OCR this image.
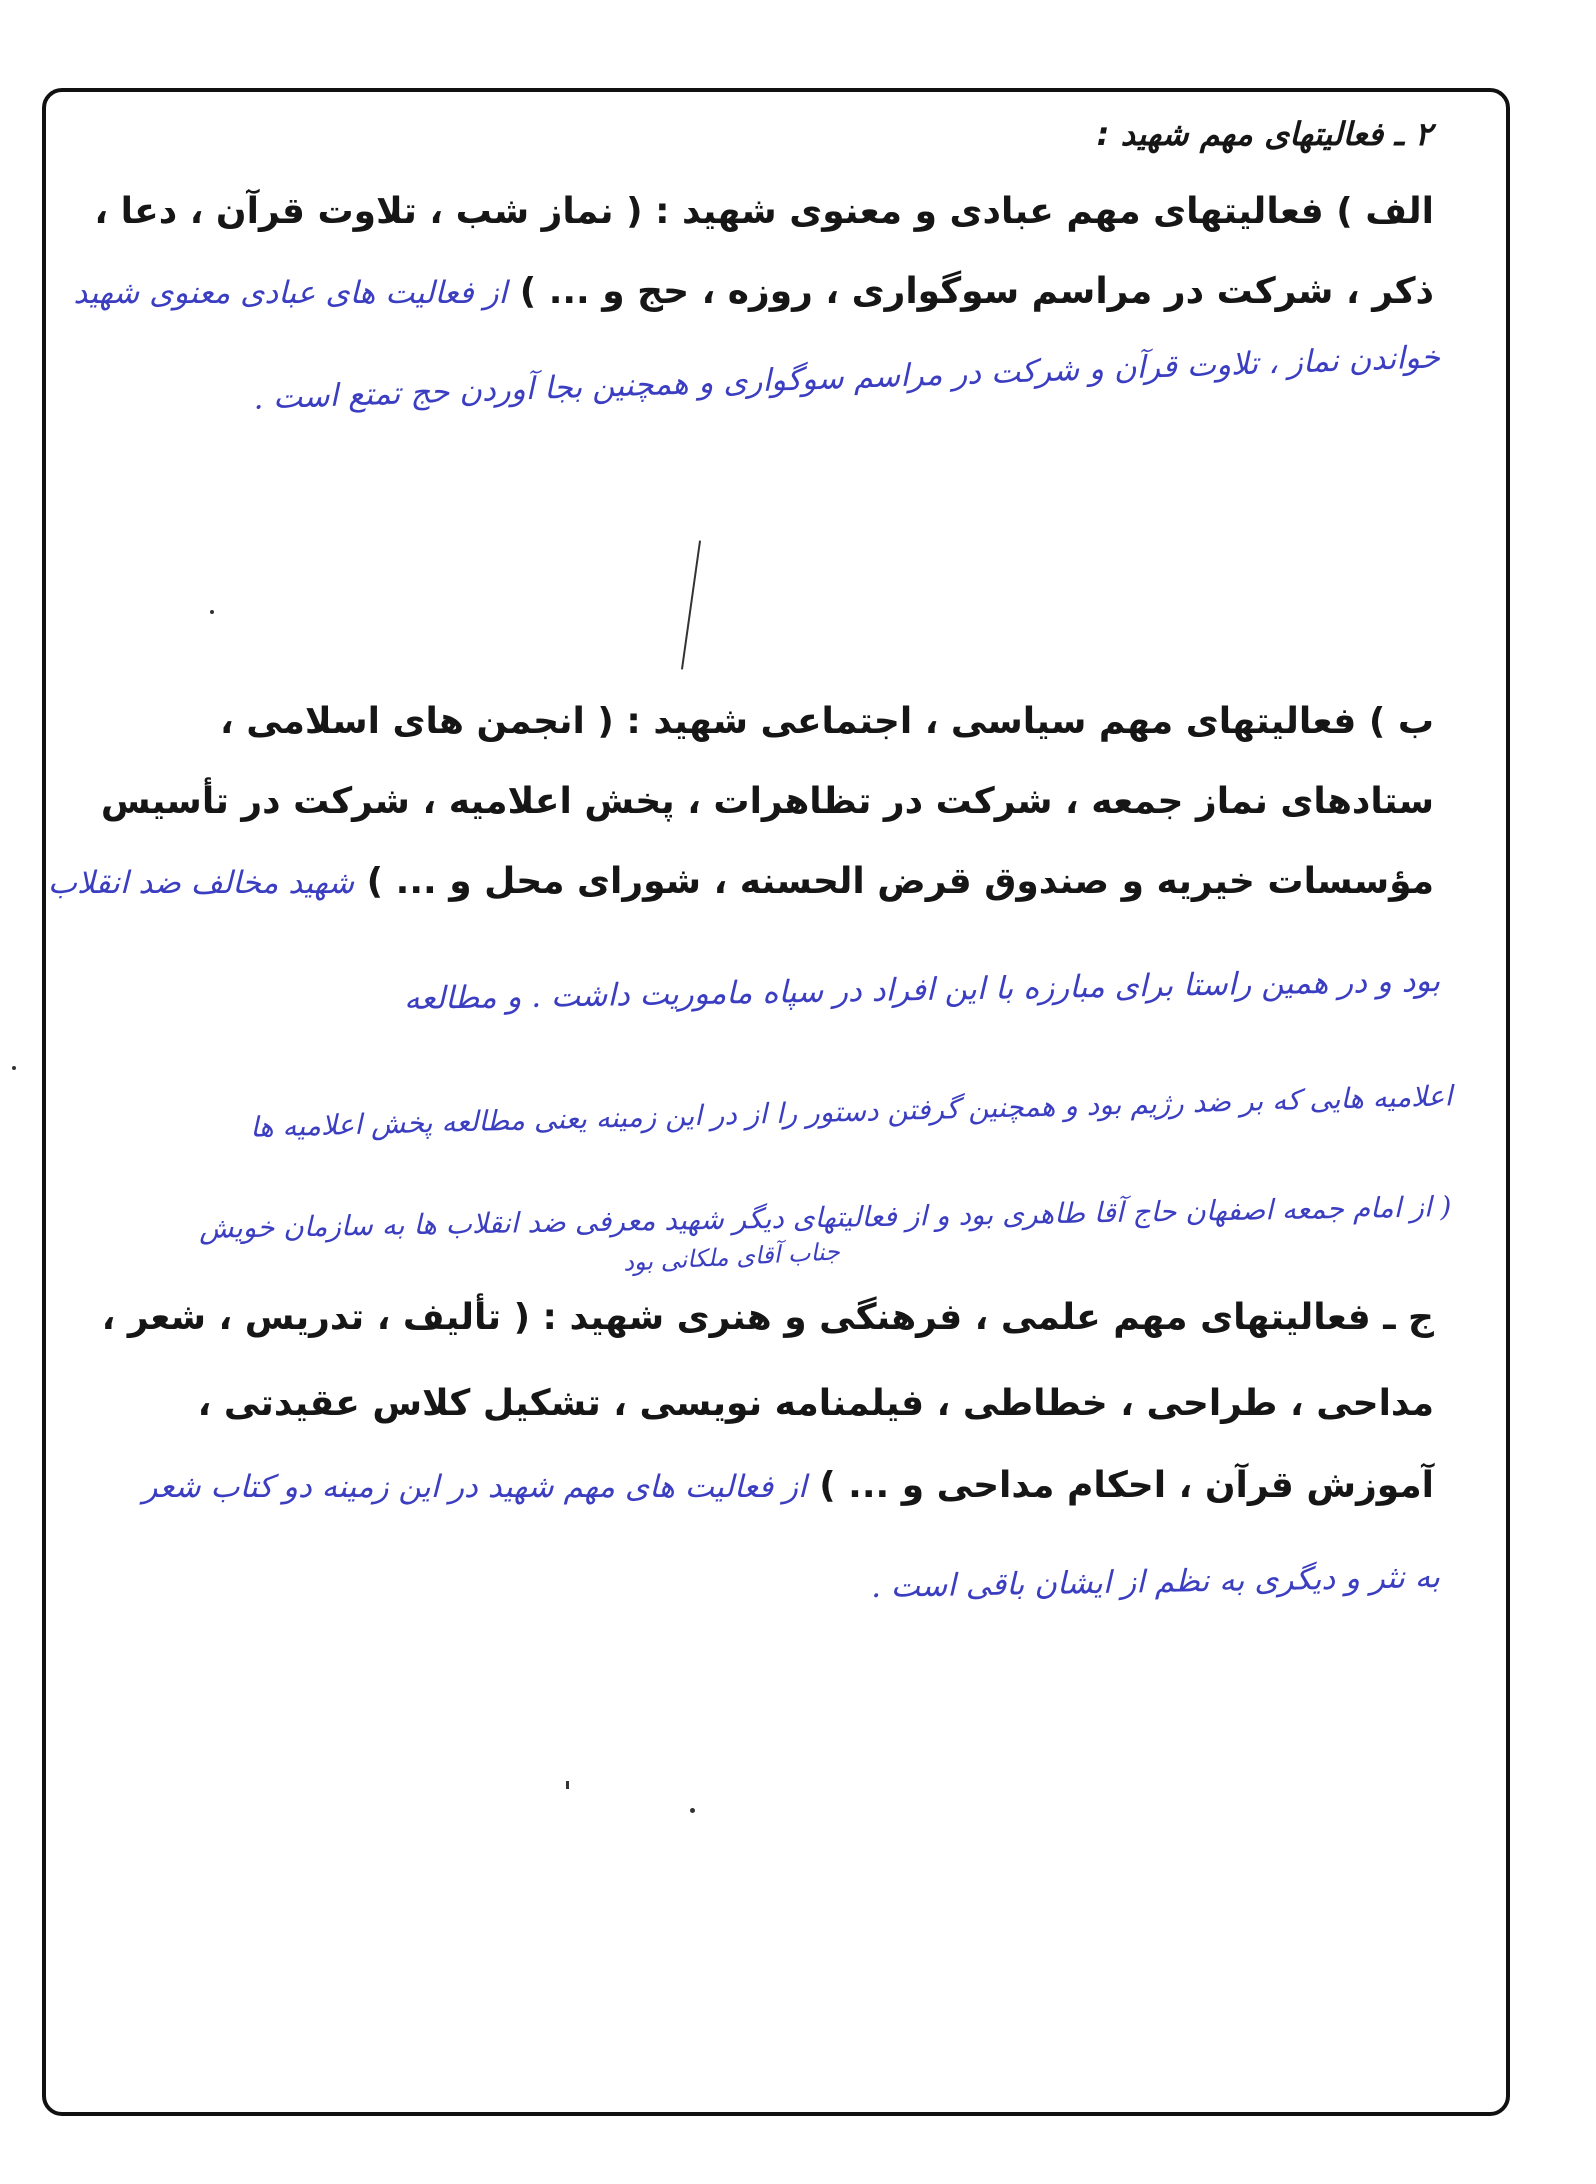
۲ ـ فعالیتهای مهم شهید :
الف ) فعالیتهای مهم عبادی و معنوی شهید : ( نماز شب ، تلاوت قرآن ، دعا ،
ذکر ، شرکت در مراسم سوگواری ، روزه ، حج و ... ) از فعالیت های عبادی معنوی شهید
خواندن نماز ، تلاوت قرآن و شرکت در مراسم سوگواری و همچنین بجا آوردن حج تمتع است .
ب ) فعالیتهای مهم سیاسی ، اجتماعی شهید : ( انجمن های اسلامی ،
ستادهای نماز جمعه ، شرکت در تظاهرات ، پخش اعلامیه ، شرکت در تأسیس
مؤسسات خیریه و صندوق قرض الحسنه ، شورای محل و ... ) شهید مخالف ضد انقلاب
بود و در همین راستا برای مبارزه با این افراد در سپاه ماموریت داشت . و مطالعه
اعلامیه هایی که بر ضد رژیم بود و همچنین گرفتن دستور را از در این زمینه یعنی مطالعه پخش اعلامیه ها
( از امام جمعه اصفهان حاج آقا طاهری بود و از فعالیتهای دیگر شهید معرفی ضد انقلاب ها به سازمان خویش
جناب آقای ملکانی بود
ج ـ فعالیتهای مهم علمی ، فرهنگی و هنری شهید : ( تألیف ، تدریس ، شعر ،
مداحی ، طراحی ، خطاطی ، فیلمنامه نویسی ، تشکیل کلاس عقیدتی ،
آموزش قرآن ، احکام مداحی و ... ) از فعالیت های مهم شهید در این زمینه دو کتاب شعر
به نثر و دیگری به نظم از ایشان باقی است .
